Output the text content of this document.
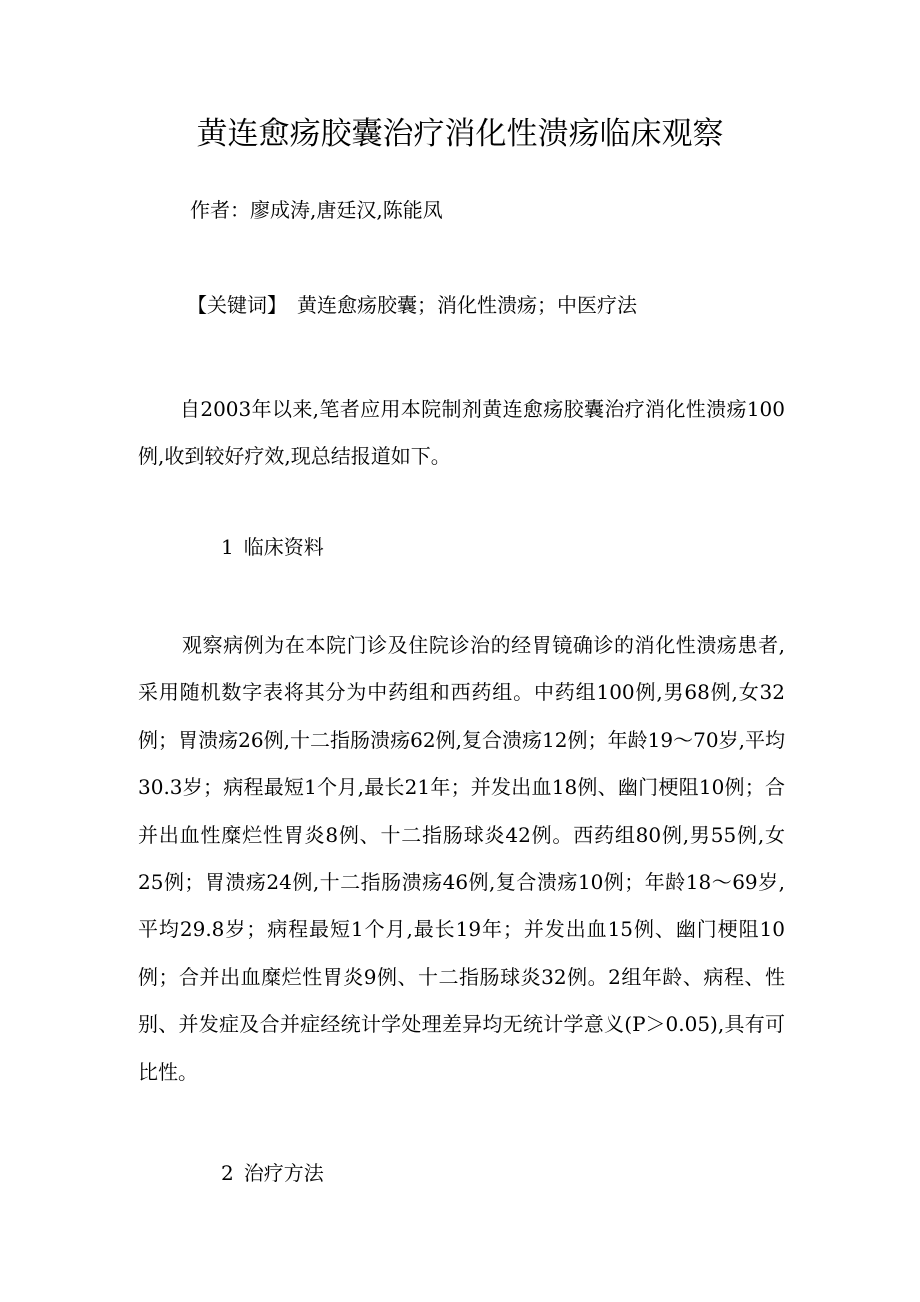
黄连愈疡胶囊治疗消化性溃疡临床观察

作者：廖成涛,唐廷汉,陈能凤

【关键词】 黄连愈疡胶囊；消化性溃疡；中医疗法

自2003年以来,笔者应用本院制剂黄连愈疡胶囊治疗消化性溃疡100例,收到较好疗效,现总结报道如下。

1 临床资料

观察病例为在本院门诊及住院诊治的经胃镜确诊的消化性溃疡患者,采用随机数字表将其分为中药组和西药组。中药组100例,男68例,女32例；胃溃疡26例,十二指肠溃疡62例,复合溃疡12例；年龄19～70岁,平均30.3岁；病程最短1个月,最长21年；并发出血18例、幽门梗阻10例；合并出血性糜烂性胃炎8例、十二指肠球炎42例。西药组80例,男55例,女25例；胃溃疡24例,十二指肠溃疡46例,复合溃疡10例；年龄18～69岁,平均29.8岁；病程最短1个月,最长19年；并发出血15例、幽门梗阻10例；合并出血糜烂性胃炎9例、十二指肠球炎32例。2组年龄、病程、性别、并发症及合并症经统计学处理差异均无统计学意义(P＞0.05),具有可比性。

2 治疗方法
